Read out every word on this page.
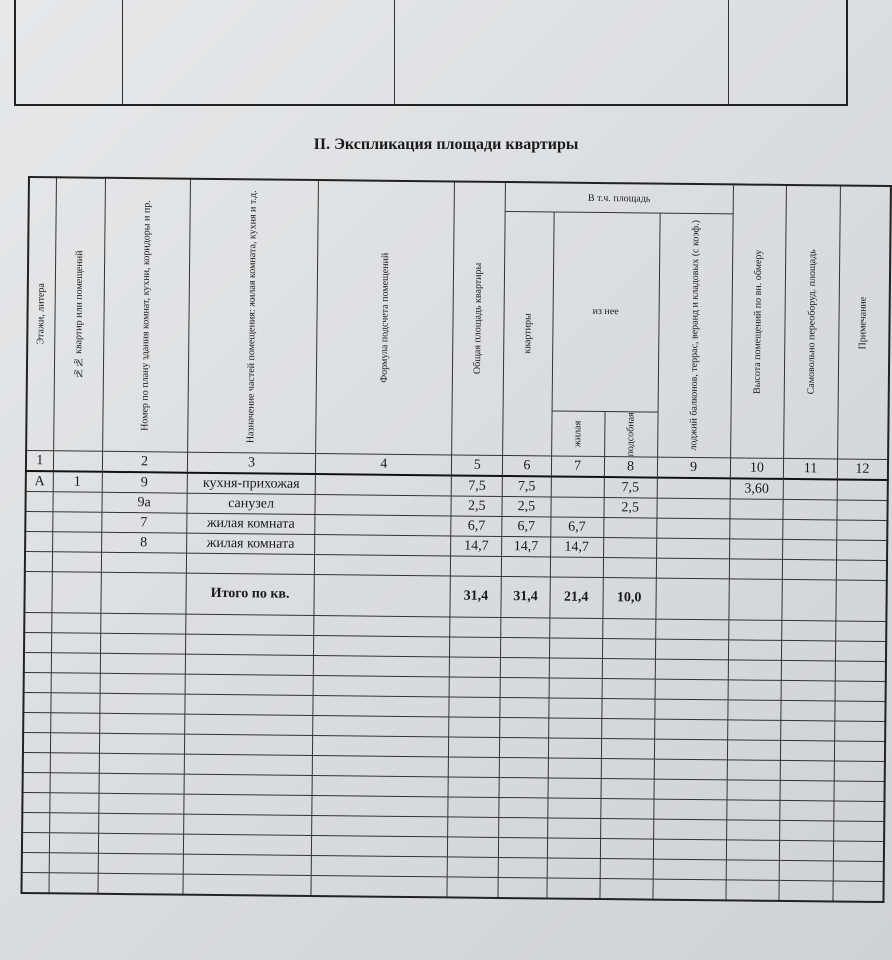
II. Экспликация площади квартиры
Этажи, литера	№№ квартир или помещений	Номер по плану здания комнат, кухни, коридоры и пр.	Назначение частей помещения: жилая комната, кухня и т.д.	Формула подсчета помещений	Общая площадь квартиры	В т.ч. площадь				Высота помещений по вн. обмеру	Самовольно переоборуд. площадь	Примечание

						квартиры	из нее		лоджий балконов, террас, веранд и кладовых (с коэф.)			

							жилая	подсобная				

1		2	3	4	5	6	7	8	9	10	11	12
А	1	9	кухня-прихожая		7,5	7,5		7,5		3,60		
		9а	санузел		2,5	2,5		2,5				
		7	жилая комната		6,7	6,7	6,7					
		8	жилая комната		14,7	14,7	14,7					

			Итого по кв.		31,4	31,4	21,4	10,0				
